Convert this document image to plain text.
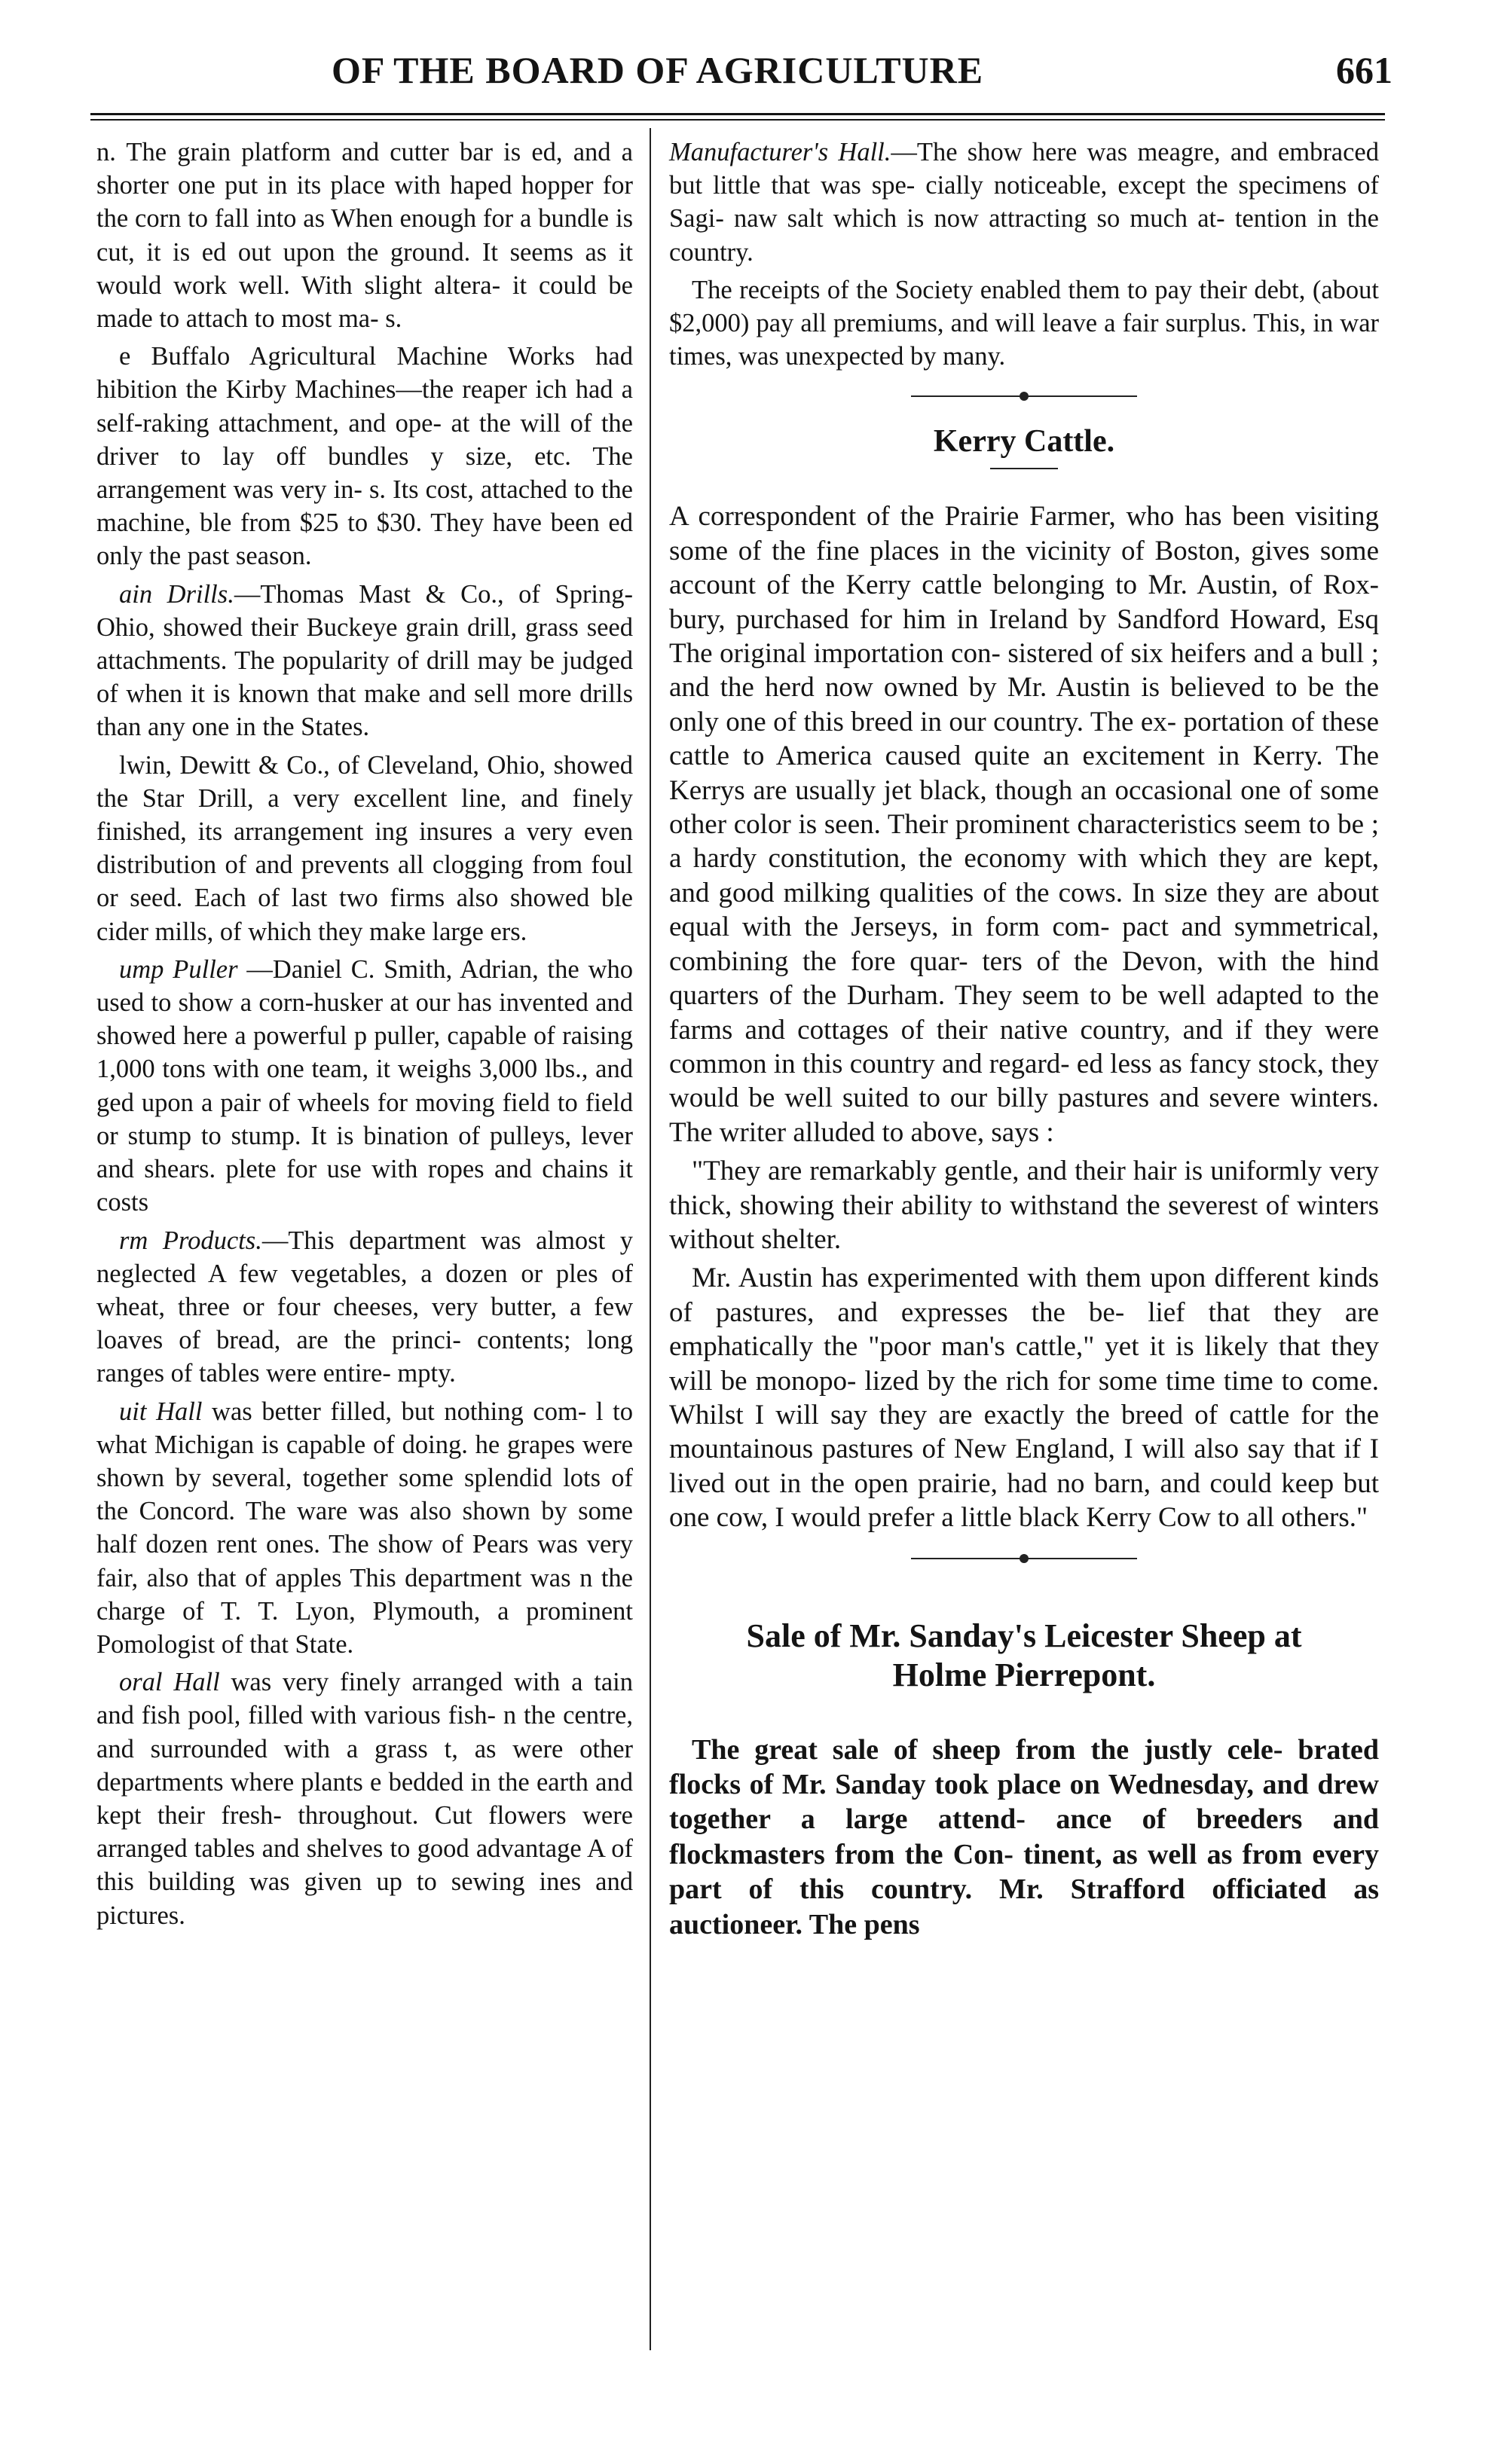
OF THE BOARD OF AGRICULTURE	661

n. The grain platform and cutter bar is ed, and a shorter one put in its place with haped hopper for the corn to fall into as When enough for a bundle is cut, it is ed out upon the ground. It seems as it would work well. With slight altera- it could be made to attach to most ma- s.

e Buffalo Agricultural Machine Works had hibition the Kirby Machines—the reaper ich had a self-raking attachment, and ope- at the will of the driver to lay off bundles y size, etc. The arrangement was very in- s. Its cost, attached to the machine, ble from $25 to $30. They have been ed only the past season.

ain Drills.—Thomas Mast & Co., of Spring- Ohio, showed their Buckeye grain drill, grass seed attachments. The popularity of drill may be judged of when it is known that make and sell more drills than any one in the States.

lwin, Dewitt & Co., of Cleveland, Ohio, showed the Star Drill, a very excellent line, and finely finished, its arrangement ing insures a very even distribution of and prevents all clogging from foul or seed. Each of last two firms also showed ble cider mills, of which they make large ers.

ump Puller —Daniel C. Smith, Adrian, the who used to show a corn-husker at our has invented and showed here a powerful p puller, capable of raising 1,000 tons with one team, it weighs 3,000 lbs., and ged upon a pair of wheels for moving field to field or stump to stump. It is bination of pulleys, lever and shears. plete for use with ropes and chains it costs

rm Products.—This department was almost y neglected A few vegetables, a dozen or ples of wheat, three or four cheeses, very butter, a few loaves of bread, are the princi- contents; long ranges of tables were entire- mpty.

uit Hall was better filled, but nothing com- l to what Michigan is capable of doing. he grapes were shown by several, together some splendid lots of the Concord. The ware was also shown by some half dozen rent ones. The show of Pears was very fair, also that of apples This department was n the charge of T. T. Lyon, Plymouth, a prominent Pomologist of that State.

oral Hall was very finely arranged with a tain and fish pool, filled with various fish- n the centre, and surrounded with a grass t, as were other departments where plants e bedded in the earth and kept their fresh- throughout. Cut flowers were arranged tables and shelves to good advantage A of this building was given up to sewing ines and pictures.

Manufacturer's Hall.—The show here was meagre, and embraced but little that was spe- cially noticeable, except the specimens of Sagi- naw salt which is now attracting so much at- tention in the country.

The receipts of the Society enabled them to pay their debt, (about $2,000) pay all premiums, and will leave a fair surplus. This, in war times, was unexpected by many.

Kerry Cattle.

A correspondent of the Prairie Farmer, who has been visiting some of the fine places in the vicinity of Boston, gives some account of the Kerry cattle belonging to Mr. Austin, of Rox- bury, purchased for him in Ireland by Sandford Howard, Esq The original importation con- sistered of six heifers and a bull ; and the herd now owned by Mr. Austin is believed to be the only one of this breed in our country. The ex- portation of these cattle to America caused quite an excitement in Kerry. The Kerrys are usually jet black, though an occasional one of some other color is seen. Their prominent characteristics seem to be ; a hardy constitution, the economy with which they are kept, and good milking qualities of the cows. In size they are about equal with the Jerseys, in form com- pact and symmetrical, combining the fore quar- ters of the Devon, with the hind quarters of the Durham. They seem to be well adapted to the farms and cottages of their native country, and if they were common in this country and regard- ed less as fancy stock, they would be well suited to our billy pastures and severe winters. The writer alluded to above, says :

"They are remarkably gentle, and their hair is uniformly very thick, showing their ability to withstand the severest of winters without shelter.

Mr. Austin has experimented with them upon different kinds of pastures, and expresses the be- lief that they are emphatically the "poor man's cattle," yet it is likely that they will be monopo- lized by the rich for some time time to come. Whilst I will say they are exactly the breed of cattle for the mountainous pastures of New England, I will also say that if I lived out in the open prairie, had no barn, and could keep but one cow, I would prefer a little black Kerry Cow to all others."

Sale of Mr. Sanday's Leicester Sheep at
Holme Pierrepont.

The great sale of sheep from the justly cele- brated flocks of Mr. Sanday took place on Wednesday, and drew together a large attend- ance of breeders and flockmasters from the Con- tinent, as well as from every part of this country. Mr. Strafford officiated as auctioneer. The pens
